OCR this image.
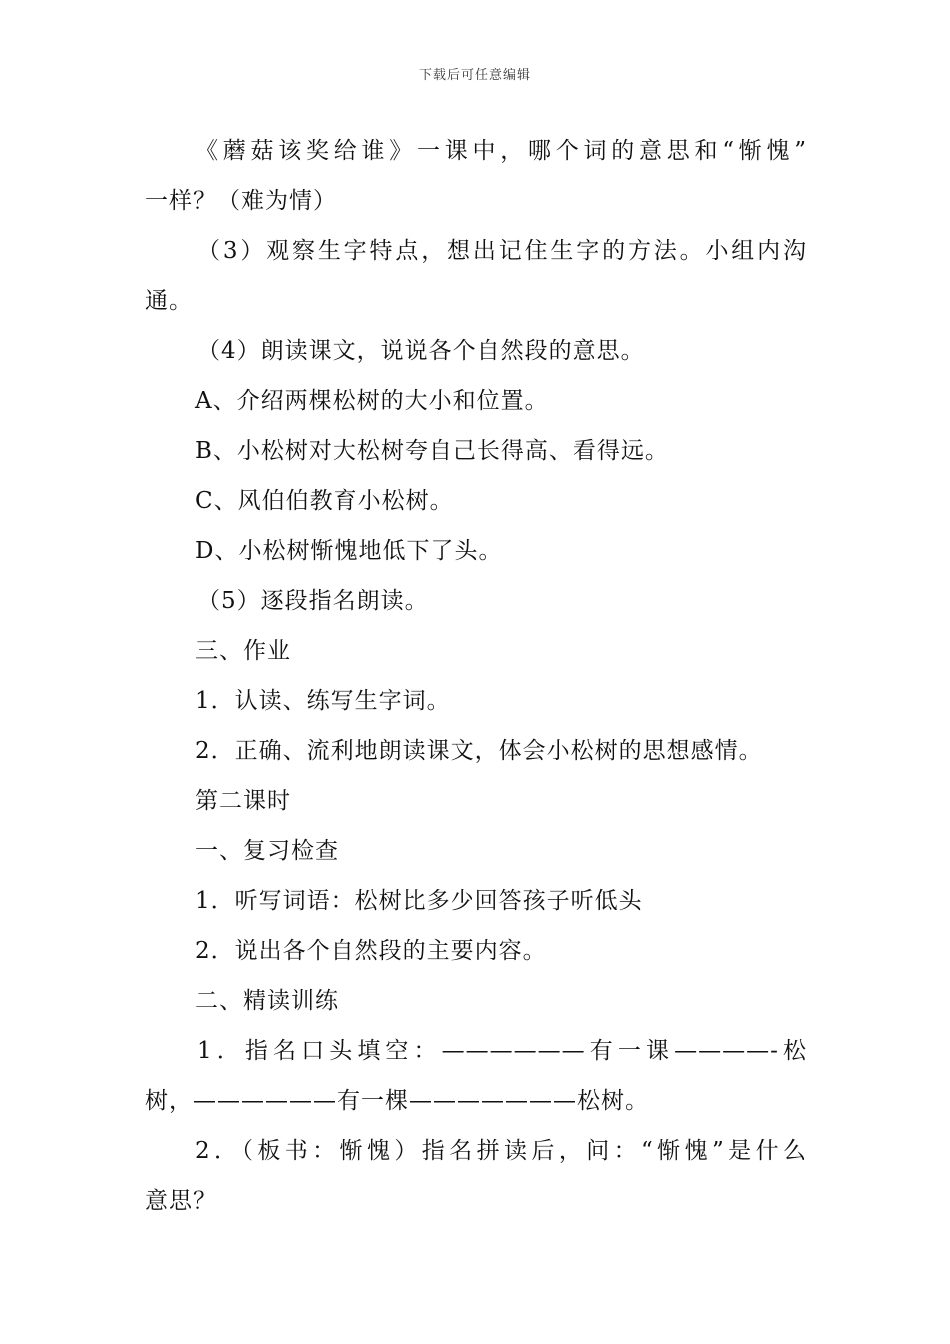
下载后可任意编辑
《蘑菇该奖给谁》一课中，哪个词的意思和“惭愧”
一样？（难为情）
（3）观察生字特点，想出记住生字的方法。小组内沟
通。
（4）朗读课文，说说各个自然段的意思。
A、介绍两棵松树的大小和位置。
B、小松树对大松树夸自己长得高、看得远。
C、风伯伯教育小松树。
D、小松树惭愧地低下了头。
（5）逐段指名朗读。
三、作业
1．认读、练写生字词。
2．正确、流利地朗读课文，体会小松树的思想感情。
第二课时
一、复习检查
1．听写词语：松树比多少回答孩子听低头
2．说出各个自然段的主要内容。
二、精读训练
1．指名口头填空：——————有一课————-松
树，——————有一棵———————松树。
2．（板书：惭愧）指名拼读后，问：“惭愧”是什么
意思？
